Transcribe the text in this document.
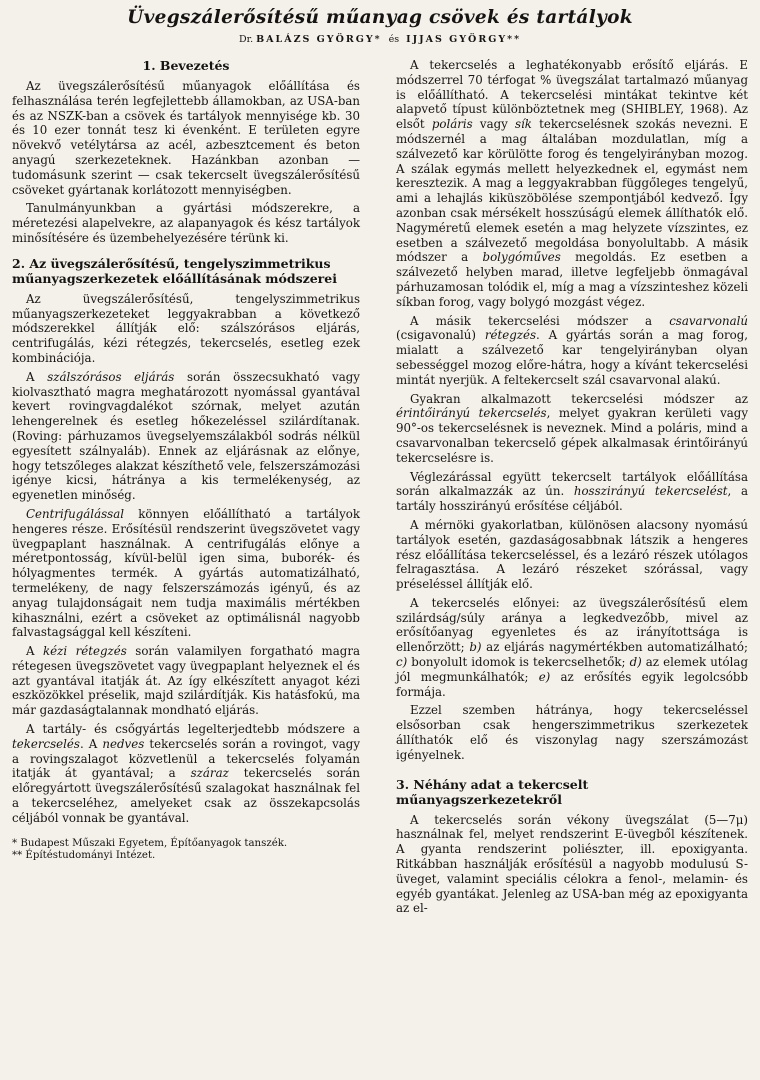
Üvegszálerősítésű műanyag csövek és tartályok
Dr. BALÁZS GYÖRGY* és IJJAS GYÖRGY**
1. Bevezetés

Az üvegszálerősítésű műanyagok előállítása és felhasználása terén legfejlettebb államokban, az USA-ban és az NSZK-ban a csövek és tartályok mennyisége kb. 30 és 10 ezer tonnát tesz ki évenként. E területen egyre növekvő vetélytársa az acél, azbesztcement és beton anyagú szerkezeteknek. Hazánkban azonban — tudomásunk szerint — csak tekercselt üvegszálerősítésű csöveket gyártanak korlátozott mennyiségben.

Tanulmányunkban a gyártási módszerekre, a méretezési alapelvekre, az alapanyagok és kész tartályok minősítésére és üzembehelyezésére térünk ki.

2. Az üvegszálerősítésű, tengelyszimmetrikus műanyagszerkezetek előállításának módszerei

Az üvegszálerősítésű, tengelyszimmetrikus műanyagszerkezeteket leggyakrabban a következő módszerekkel állítják elő: szálszórásos eljárás, centrifugálás, kézi rétegzés, tekercselés, esetleg ezek kombinációja.

A szálszórásos eljárás során összecsukható vagy kiolvasztható magra meghatározott nyomással gyantával kevert rovingvagdalékot szórnak, melyet azután lehengerelnek és esetleg hőkezeléssel szilárdítanak. (Roving: párhuzamos üvegselyemszálakból sodrás nélkül egyesített szálnyaláb). Ennek az eljárásnak az előnye, hogy tetszőleges alakzat készíthető vele, felszerszámozási igénye kicsi, hátránya a kis termelékenység, az egyenetlen minőség.

Centrifugálással könnyen előállítható a tartályok hengeres része. Erősítésül rendszerint üvegszövetet vagy üvegpaplant használnak. A centrifugálás előnye a méretpontosság, kívül-belül igen sima, buborék- és hólyagmentes termék. A gyártás automatizálható, termelékeny, de nagy felszerszámozás igényű, és az anyag tulajdonságait nem tudja maximális mértékben kihasználni, ezért a csöveket az optimálisnál nagyobb falvastagsággal kell készíteni.

A kézi rétegzés során valamilyen forgatható magra rétegesen üvegszövetet vagy üvegpaplant helyeznek el és azt gyantával itatják át. Az így elkészített anyagot kézi eszközökkel préselik, majd szilárdítják. Kis hatásfokú, ma már gazdaságtalannak mondható eljárás.

A tartály- és csőgyártás legelterjedtebb módszere a tekercselés. A nedves tekercselés során a rovingot, vagy a rovingszalagot közvetlenül a tekercselés folyamán itatják át gyantával; a száraz tekercselés során előregyártott üvegszálerősítésű szalagokat használnak fel a tekercseléhez, amelyeket csak az összekapcsolás céljából vonnak be gyantával.

* Budapest Műszaki Egyetem, Építőanyagok tanszék.

** Építéstudományi Intézet.

A tekercselés a leghatékonyabb erősítő eljárás. E módszerrel 70 térfogat % üvegszálat tartalmazó műanyag is előállítható. A tekercselési mintákat tekintve két alapvető típust különböztetnek meg (SHIBLEY, 1968). Az elsőt poláris vagy sík tekercselésnek szokás nevezni. E módszernél a mag általában mozdulatlan, míg a szálvezető kar körülötte forog és tengelyirányban mozog. A szálak egymás mellett helyezkednek el, egymást nem keresztezik. A mag a leggyakrabban függőleges tengelyű, ami a lehajlás kiküszöbölése szempontjából kedvező. Így azonban csak mérsékelt hosszúságú elemek állíthatók elő. Nagyméretű elemek esetén a mag helyzete vízszintes, ez esetben a szálvezető megoldása bonyolultabb. A másik módszer a bolygóműves megoldás. Ez esetben a szálvezető helyben marad, illetve legfeljebb önmagával párhuzamosan tolódik el, míg a mag a vízszinteshez közeli síkban forog, vagy bolygó mozgást végez.

A másik tekercselési módszer a csavarvonalú (csigavonalú) rétegzés. A gyártás során a mag forog, mialatt a szálvezető kar tengelyirányban olyan sebességgel mozog előre-hátra, hogy a kívánt tekercselési mintát nyerjük. A feltekercselt szál csavarvonal alakú.

Gyakran alkalmazott tekercselési módszer az érintőirányú tekercselés, melyet gyakran kerületi vagy 90°-os tekercselésnek is neveznek. Mind a poláris, mind a csavarvonalban tekercselő gépek alkalmasak érintőirányú tekercselésre is.

Véglezárással együtt tekercselt tartályok előállítása során alkalmazzák az ún. hosszirányú tekercselést, a tartály hosszirányú erősítése céljából.

A mérnöki gyakorlatban, különösen alacsony nyomású tartályok esetén, gazdaságosabbnak látszik a hengeres rész előállítása tekercseléssel, és a lezáró részek utólagos felragasztása. A lezáró részeket szórással, vagy préseléssel állítják elő.

A tekercselés előnyei: az üvegszálerősítésű elem szilárdság/súly aránya a legkedvezőbb, mivel az erősítőanyag egyenletes és az irányítottsága is ellenőrzött; b) az eljárás nagymértékben automatizálható; c) bonyolult idomok is tekercselhetők; d) az elemek utólag jól megmunkálhatók; e) az erősítés egyik legolcsóbb formája.

Ezzel szemben hátránya, hogy tekercseléssel elsősorban csak hengerszimmetrikus szerkezetek állíthatók elő és viszonylag nagy szerszámozást igényelnek.

3. Néhány adat a tekercselt műanyagszerkezetekről

A tekercselés során vékony üvegszálat (5—7μ) használnak fel, melyet rendszerint E-üvegből készítenek. A gyanta rendszerint poliészter, ill. epoxigyanta. Ritkábban használják erősítésül a nagyobb modulusú S-üveget, valamint speciális célokra a fenol-, melamin- és egyéb gyantákat. Jelenleg az USA-ban még az epoxigyanta az el-
